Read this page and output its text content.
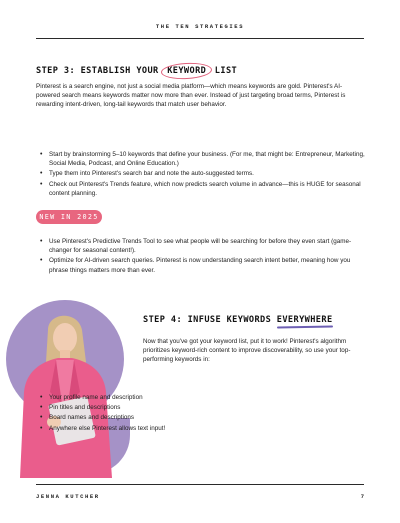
THE TEN STRATEGIES
STEP 3: ESTABLISH YOUR KEYWORD LIST

Pinterest is a search engine, not just a social media platform—which means keywords are gold. Pinterest's AI-powered search means keywords matter now more than ever. Instead of just targeting broad terms, Pinterest is rewarding intent-driven, long-tail keywords that match user behavior.

• Start by brainstorming 5–10 keywords that define your business. (For me, that might be: Entrepreneur, Marketing, Social Media, Podcast, and Online Education.)
• Type them into Pinterest's search bar and note the auto-suggested terms.
• Check out Pinterest's Trends feature, which now predicts search volume in advance—this is HUGE for seasonal content planning.
NEW IN 2025
• Use Pinterest's Predictive Trends Tool to see what people will be searching for before they even start (game-changer for seasonal content!).
• Optimize for AI-driven search queries. Pinterest is now understanding search intent better, meaning how you phrase things matters more than ever.
STEP 4: INFUSE KEYWORDS EVERYWHERE

Now that you've got your keyword list, put it to work! Pinterest's algorithm prioritizes keyword-rich content to improve discoverability, so use your top-performing keywords in:

• Your profile name and description
• Pin titles and descriptions
• Board names and descriptions
• Anywhere else Pinterest allows text input!
JENNA KUTCHER	7
